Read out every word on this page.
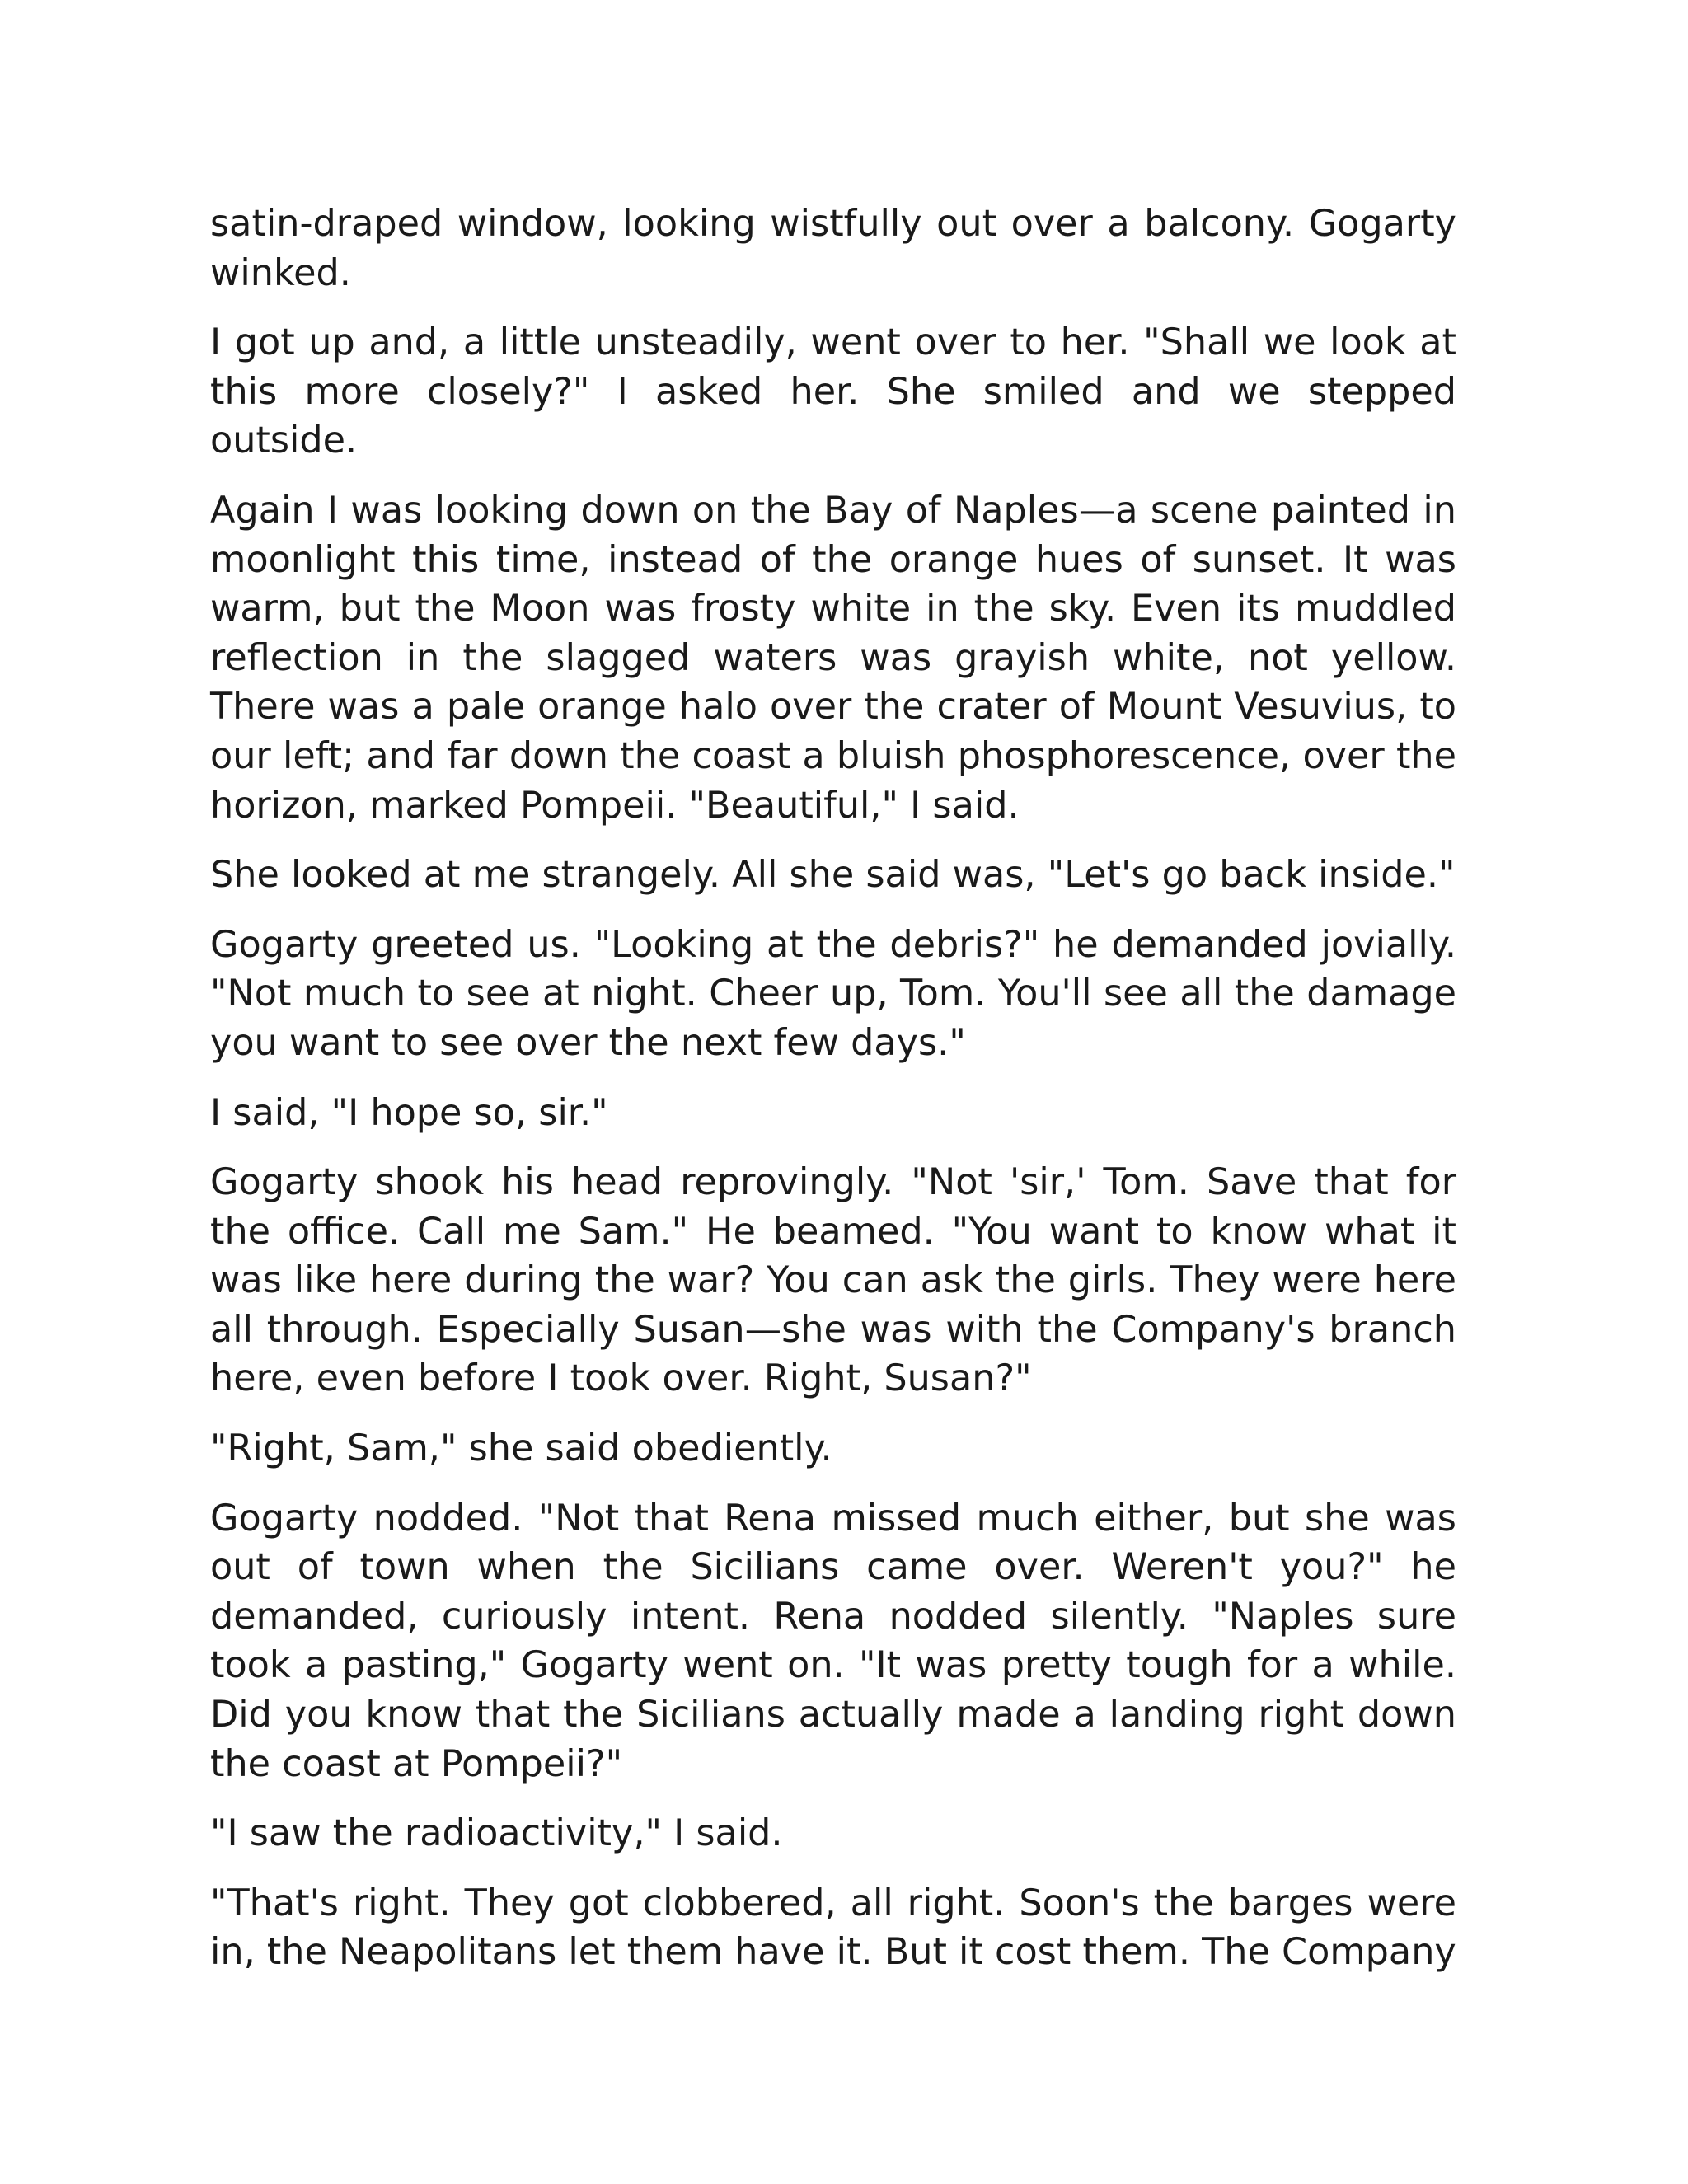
satin-draped window, looking wistfully out over a balcony. Gogarty winked.

I got up and, a little unsteadily, went over to her. "Shall we look at this more closely?" I asked her. She smiled and we stepped outside.

Again I was looking down on the Bay of Naples—a scene painted in moonlight this time, instead of the orange hues of sunset. It was warm, but the Moon was frosty white in the sky. Even its muddled reflection in the slagged waters was grayish white, not yellow. There was a pale orange halo over the crater of Mount Vesuvius, to our left; and far down the coast a bluish phosphorescence, over the horizon, marked Pompeii. "Beautiful," I said.

She looked at me strangely. All she said was, "Let's go back inside."

Gogarty greeted us. "Looking at the debris?" he demanded jovially. "Not much to see at night. Cheer up, Tom. You'll see all the damage you want to see over the next few days."

I said, "I hope so, sir."

Gogarty shook his head reprovingly. "Not 'sir,' Tom. Save that for the office. Call me Sam." He beamed. "You want to know what it was like here during the war? You can ask the girls. They were here all through. Especially Susan—she was with the Company's branch here, even before I took over. Right, Susan?"

"Right, Sam," she said obediently.

Gogarty nodded. "Not that Rena missed much either, but she was out of town when the Sicilians came over. Weren't you?" he demanded, curiously intent. Rena nodded silently. "Naples sure took a pasting," Gogarty went on. "It was pretty tough for a while. Did you know that the Sicilians actually made a landing right down the coast at Pompeii?"

"I saw the radioactivity," I said.

"That's right. They got clobbered, all right. Soon's the barges were in, the Neapolitans let them have it. But it cost them. The Company
